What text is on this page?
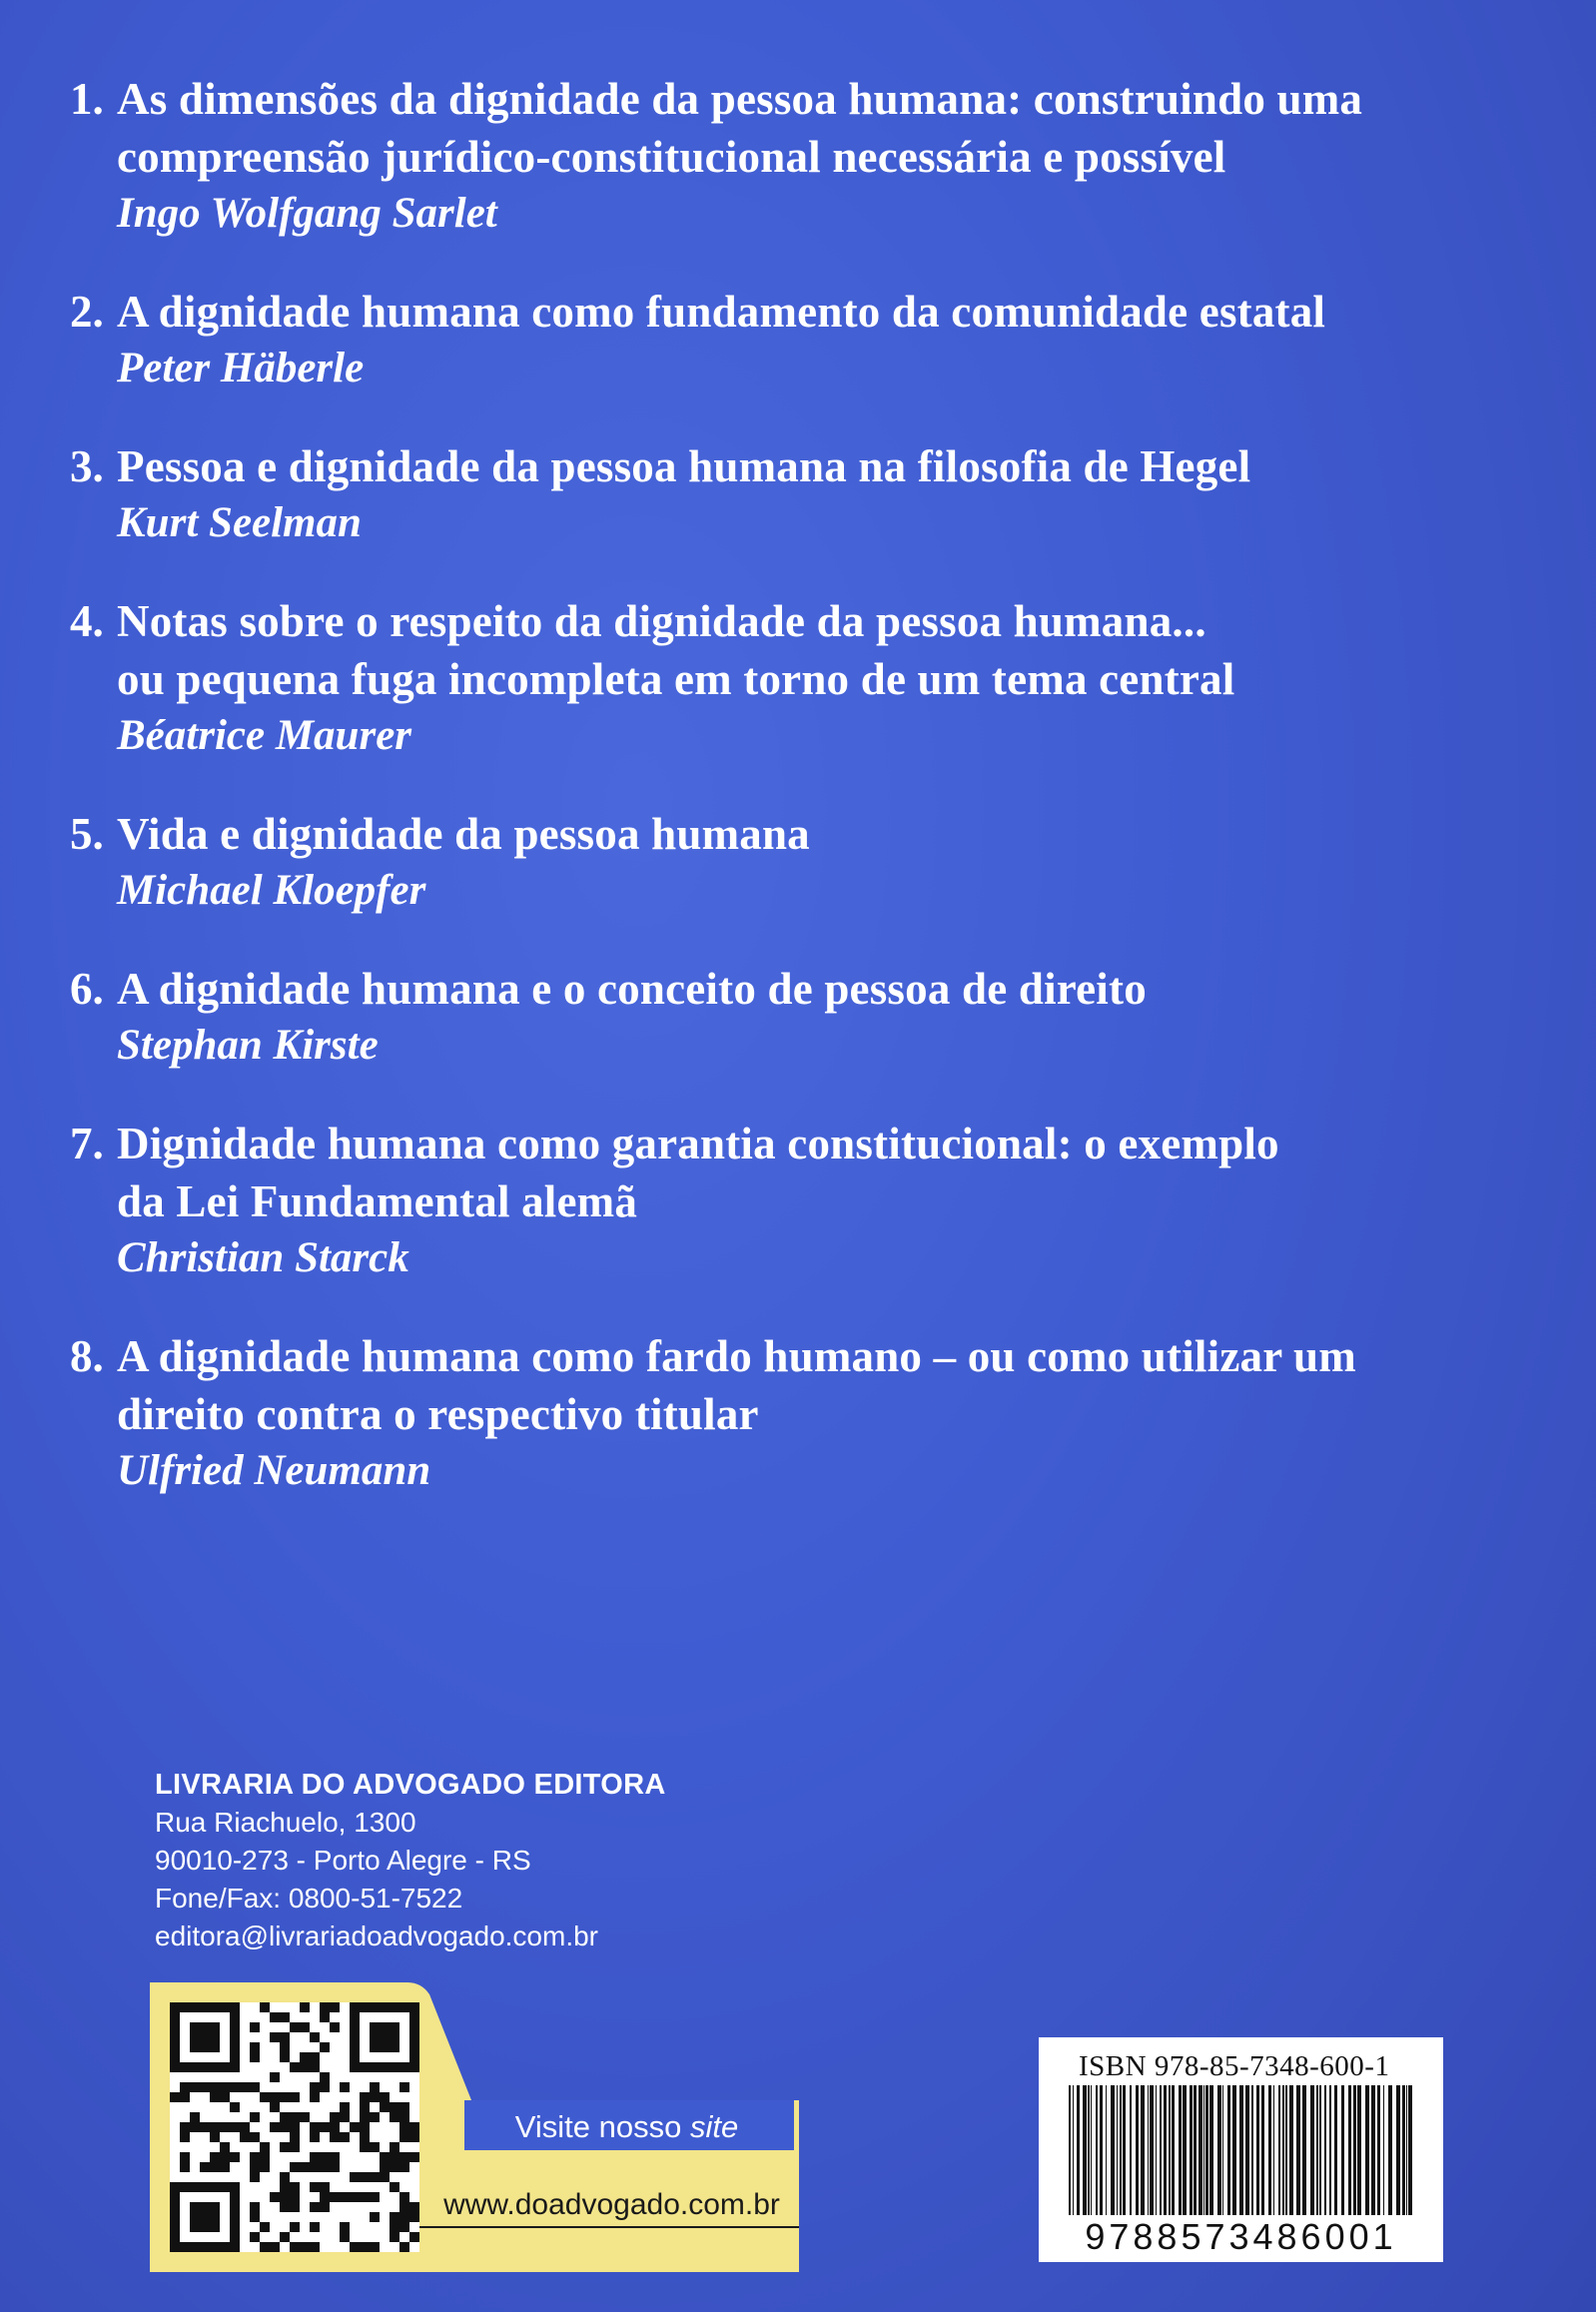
1. As dimensões da dignidade da pessoa humana: construindo uma
compreensão jurídico-constitucional necessária e possível
Ingo Wolfgang Sarlet
2. A dignidade humana como fundamento da comunidade estatal
Peter Häberle
3. Pessoa e dignidade da pessoa humana na filosofia de Hegel
Kurt Seelman
4. Notas sobre o respeito da dignidade da pessoa humana...
ou pequena fuga incompleta em torno de um tema central
Béatrice Maurer
5. Vida e dignidade da pessoa humana
Michael Kloepfer
6. A dignidade humana e o conceito de pessoa de direito
Stephan Kirste
7. Dignidade humana como garantia constitucional: o exemplo
da Lei Fundamental alemã
Christian Starck
8. A dignidade humana como fardo humano – ou como utilizar um
direito contra o respectivo titular
Ulfried Neumann
LIVRARIA DO ADVOGADO EDITORA
Rua Riachuelo, 1300
90010-273 - Porto Alegre - RS
Fone/Fax: 0800-51-7522
editora@livrariadoadvogado.com.br
Visite nosso site
www.doadvogado.com.br
ISBN 978-85-7348-600-1
9788573486001
